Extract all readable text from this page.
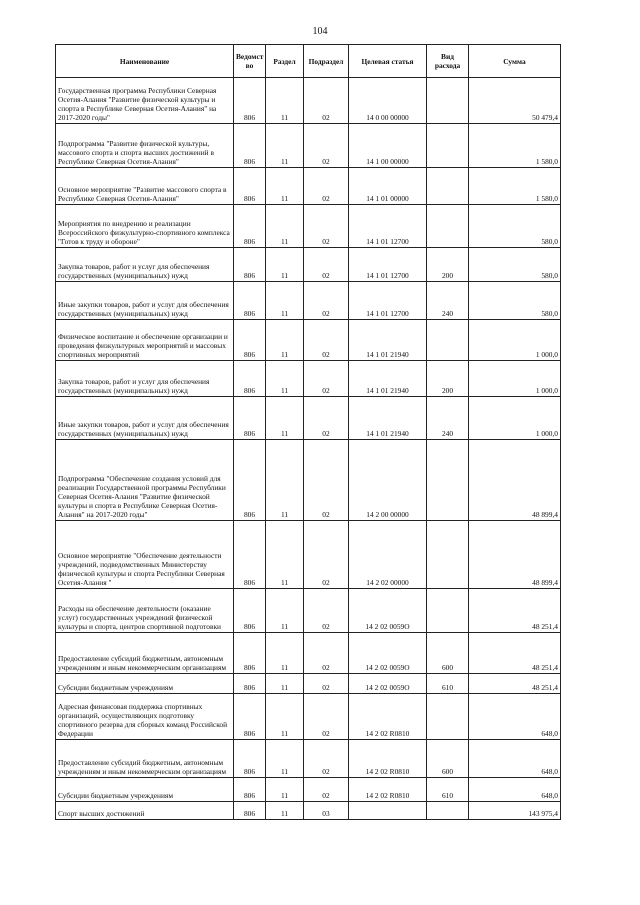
104
Наименование	Ведомст во	Раздел	Подраздел	Целевая статья	Вид расхода	Сумма
Государственная программа Республики Северная Осетия-Алания "Развитие физической культуры и спорта в Республике Северная Осетия-Алания" на 2017-2020 годы"	806	11	02	14 0 00 00000		50 479,4
Подпрограмма "Развитие физической культуры, массового спорта и спорта высших достижений в Республике Северная Осетия-Алания"	806	11	02	14 1 00 00000		1 580,0
Основное мероприятие "Развитие массового спорта в Республике Северная Осетия-Алания"	806	11	02	14 1 01 00000		1 580,0
Мероприятия по внедрению и реализации Всероссийского физкультурно-спортивного комплекса "Готов к труду и обороне"	806	11	02	14 1 01 12700		580,0
Закупка товаров, работ и услуг для обеспечения государственных (муниципальных) нужд	806	11	02	14 1 01 12700	200	580,0
Иные закупки товаров, работ и услуг для обеспечения государственных (муниципальных) нужд	806	11	02	14 1 01 12700	240	580,0
Физическое воспитание и обеспечение организации и проведения физкультурных мероприятий и массовых спортивных мероприятий	806	11	02	14 1 01 21940		1 000,0
Закупка товаров, работ и услуг для обеспечения государственных (муниципальных) нужд	806	11	02	14 1 01 21940	200	1 000,0
Иные закупки товаров, работ и услуг для обеспечения государственных (муниципальных) нужд	806	11	02	14 1 01 21940	240	1 000,0
Подпрограмма "Обеспечение создания условий для реализации Государственной программы Республики Северная Осетия-Алания "Развитие физической культуры и спорта в Республике Северная Осетия-Алания" на 2017-2020 годы"	806	11	02	14 2 00 00000		48 899,4
Основное мероприятие "Обеспечение деятельности учреждений, подведомственных Министерству физической культуры и спорта Республики Северная Осетия-Алания "	806	11	02	14 2 02 00000		48 899,4
Расходы на обеспечение деятельности (оказание услуг) государственных учреждений физической культуры и спорта, центров спортивной подготовки	806	11	02	14 2 02 0059О		48 251,4
Предоставление субсидий бюджетным, автономным учреждениям и иным некоммерческим организациям	806	11	02	14 2 02 0059О	600	48 251,4
Субсидии бюджетным учреждениям	806	11	02	14 2 02 0059О	610	48 251,4
Адресная финансовая поддержка спортивных организаций, осуществляющих подготовку спортивного резерва для сборных команд Российской Федерации	806	11	02	14 2 02 R0810		648,0
Предоставление субсидий бюджетным, автономным учреждениям и иным некоммерческим организациям	806	11	02	14 2 02 R0810	600	648,0
Субсидии бюджетным учреждениям	806	11	02	14 2 02 R0810	610	648,0
Спорт высших достижений	806	11	03			143 975,4
